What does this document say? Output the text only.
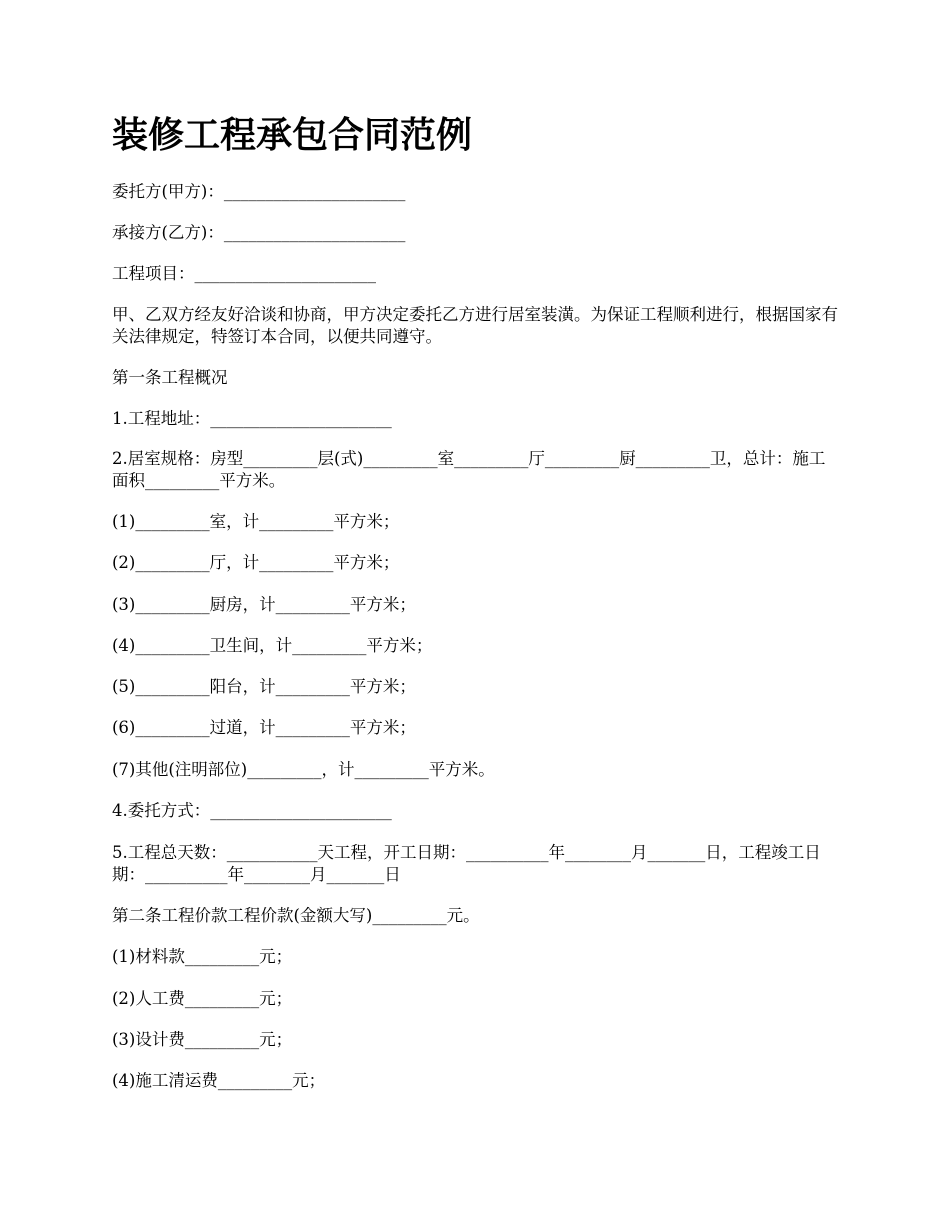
装修工程承包合同范例

委托方(甲方)：______________________

承接方(乙方)：______________________

工程项目：______________________

甲、乙双方经友好洽谈和协商，甲方决定委托乙方进行居室装潢。为保证工程顺利进行，根据国家有关法律规定，特签订本合同，以便共同遵守。

第一条工程概况

1.工程地址：______________________

2.居室规格：房型_________层(式)_________室_________厅_________厨_________卫，总计：施工面积_________平方米。

(1)_________室，计_________平方米；

(2)_________厅，计_________平方米；

(3)_________厨房，计_________平方米；

(4)_________卫生间，计_________平方米；

(5)_________阳台，计_________平方米；

(6)_________过道，计_________平方米；

(7)其他(注明部位)_________，计_________平方米。

4.委托方式：______________________

5.工程总天数：___________天工程，开工日期：__________年________月_______日，工程竣工日期：__________年________月_______日

第二条工程价款工程价款(金额大写)_________元。

(1)材料款_________元；

(2)人工费_________元；

(3)设计费_________元；

(4)施工清运费_________元；
